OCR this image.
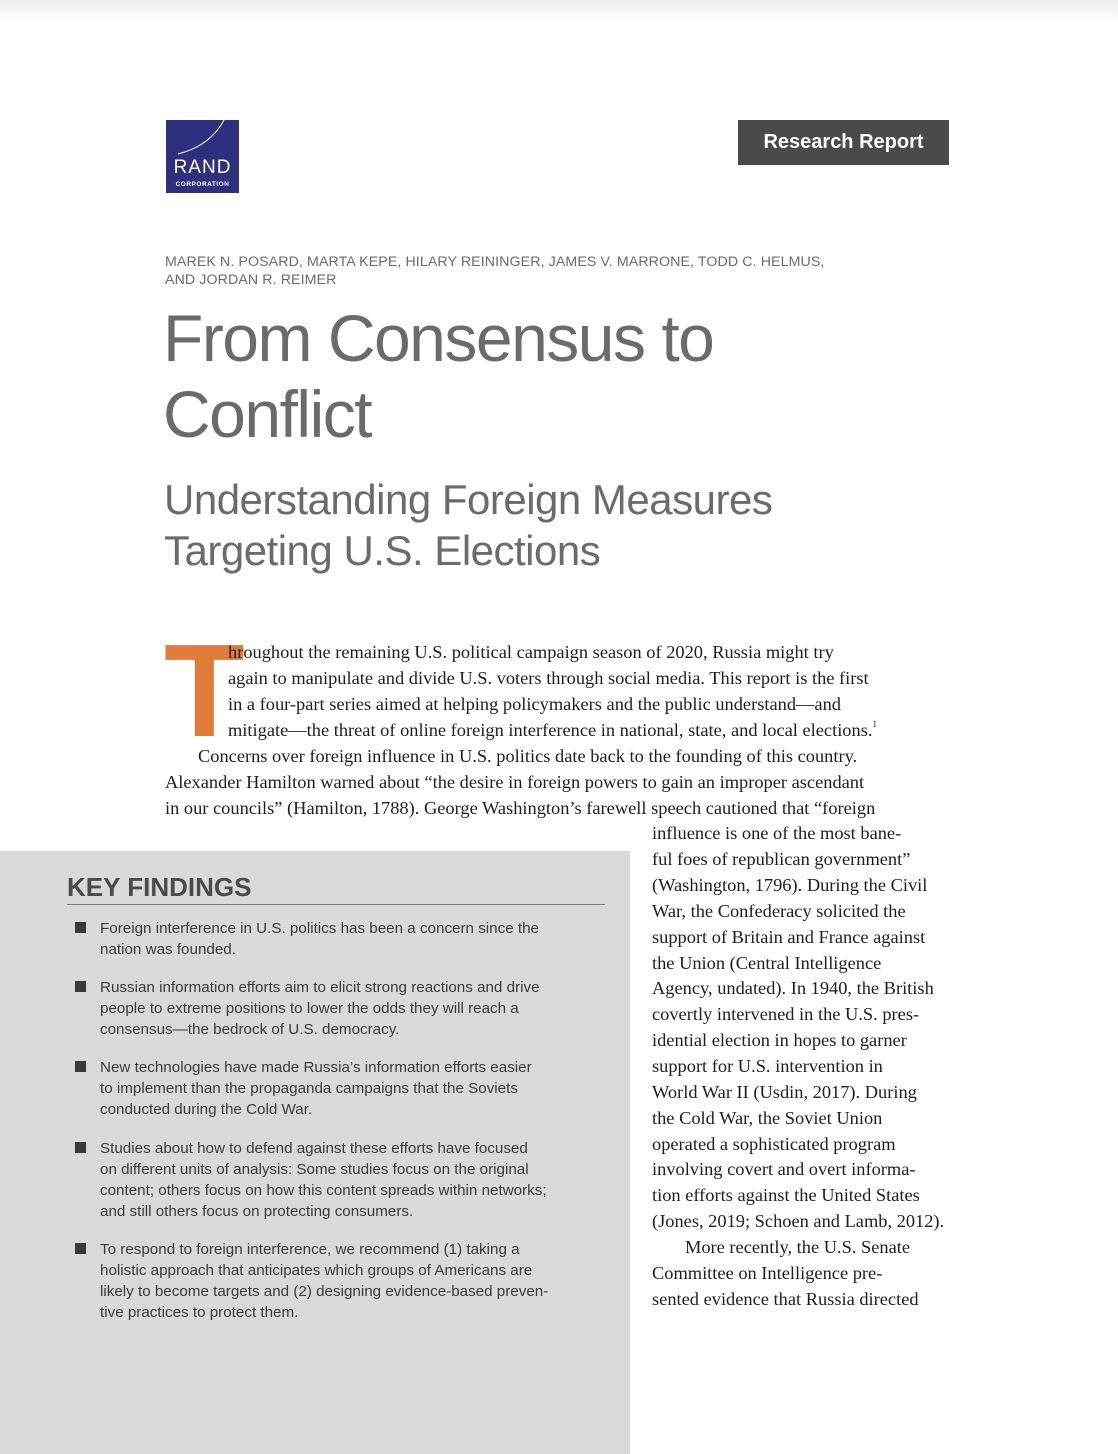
RAND
CORPORATION
Research Report
MAREK N. POSARD, MARTA KEPE, HILARY REININGER, JAMES V. MARRONE, TODD C. HELMUS,
AND JORDAN R. REIMER
From Consensus to
Conflict
Understanding Foreign Measures
Targeting U.S. Elections
T
hroughout the remaining U.S. political campaign season of 2020, Russia might try
again to manipulate and divide U.S. voters through social media. This report is the first
in a four-part series aimed at helping policymakers and the public understand—and
mitigate—the threat of online foreign interference in national, state, and local elections.$^1$
Concerns over foreign influence in U.S. politics date back to the founding of this country.
Alexander Hamilton warned about “the desire in foreign powers to gain an improper ascendant
in our councils” (Hamilton, 1788). George Washington’s farewell speech cautioned that “foreign
influence is one of the most bane-
ful foes of republican government”
(Washington, 1796). During the Civil
War, the Confederacy solicited the
support of Britain and France against
the Union (Central Intelligence
Agency, undated). In 1940, the British
covertly intervened in the U.S. pres-
idential election in hopes to garner
support for U.S. intervention in
World War II (Usdin, 2017). During
the Cold War, the Soviet Union
operated a sophisticated program
involving covert and overt informa-
tion efforts against the United States
(Jones, 2019; Schoen and Lamb, 2012).
More recently, the U.S. Senate
Committee on Intelligence pre-
sented evidence that Russia directed
KEY FINDINGS
Foreign interference in U.S. politics has been a concern since the
nation was founded.
Russian information efforts aim to elicit strong reactions and drive
people to extreme positions to lower the odds they will reach a
consensus—the bedrock of U.S. democracy.
New technologies have made Russia’s information efforts easier
to implement than the propaganda campaigns that the Soviets
conducted during the Cold War.
Studies about how to defend against these efforts have focused
on different units of analysis: Some studies focus on the original
content; others focus on how this content spreads within networks;
and still others focus on protecting consumers.
To respond to foreign interference, we recommend (1) taking a
holistic approach that anticipates which groups of Americans are
likely to become targets and (2) designing evidence-based preven-
tive practices to protect them.
